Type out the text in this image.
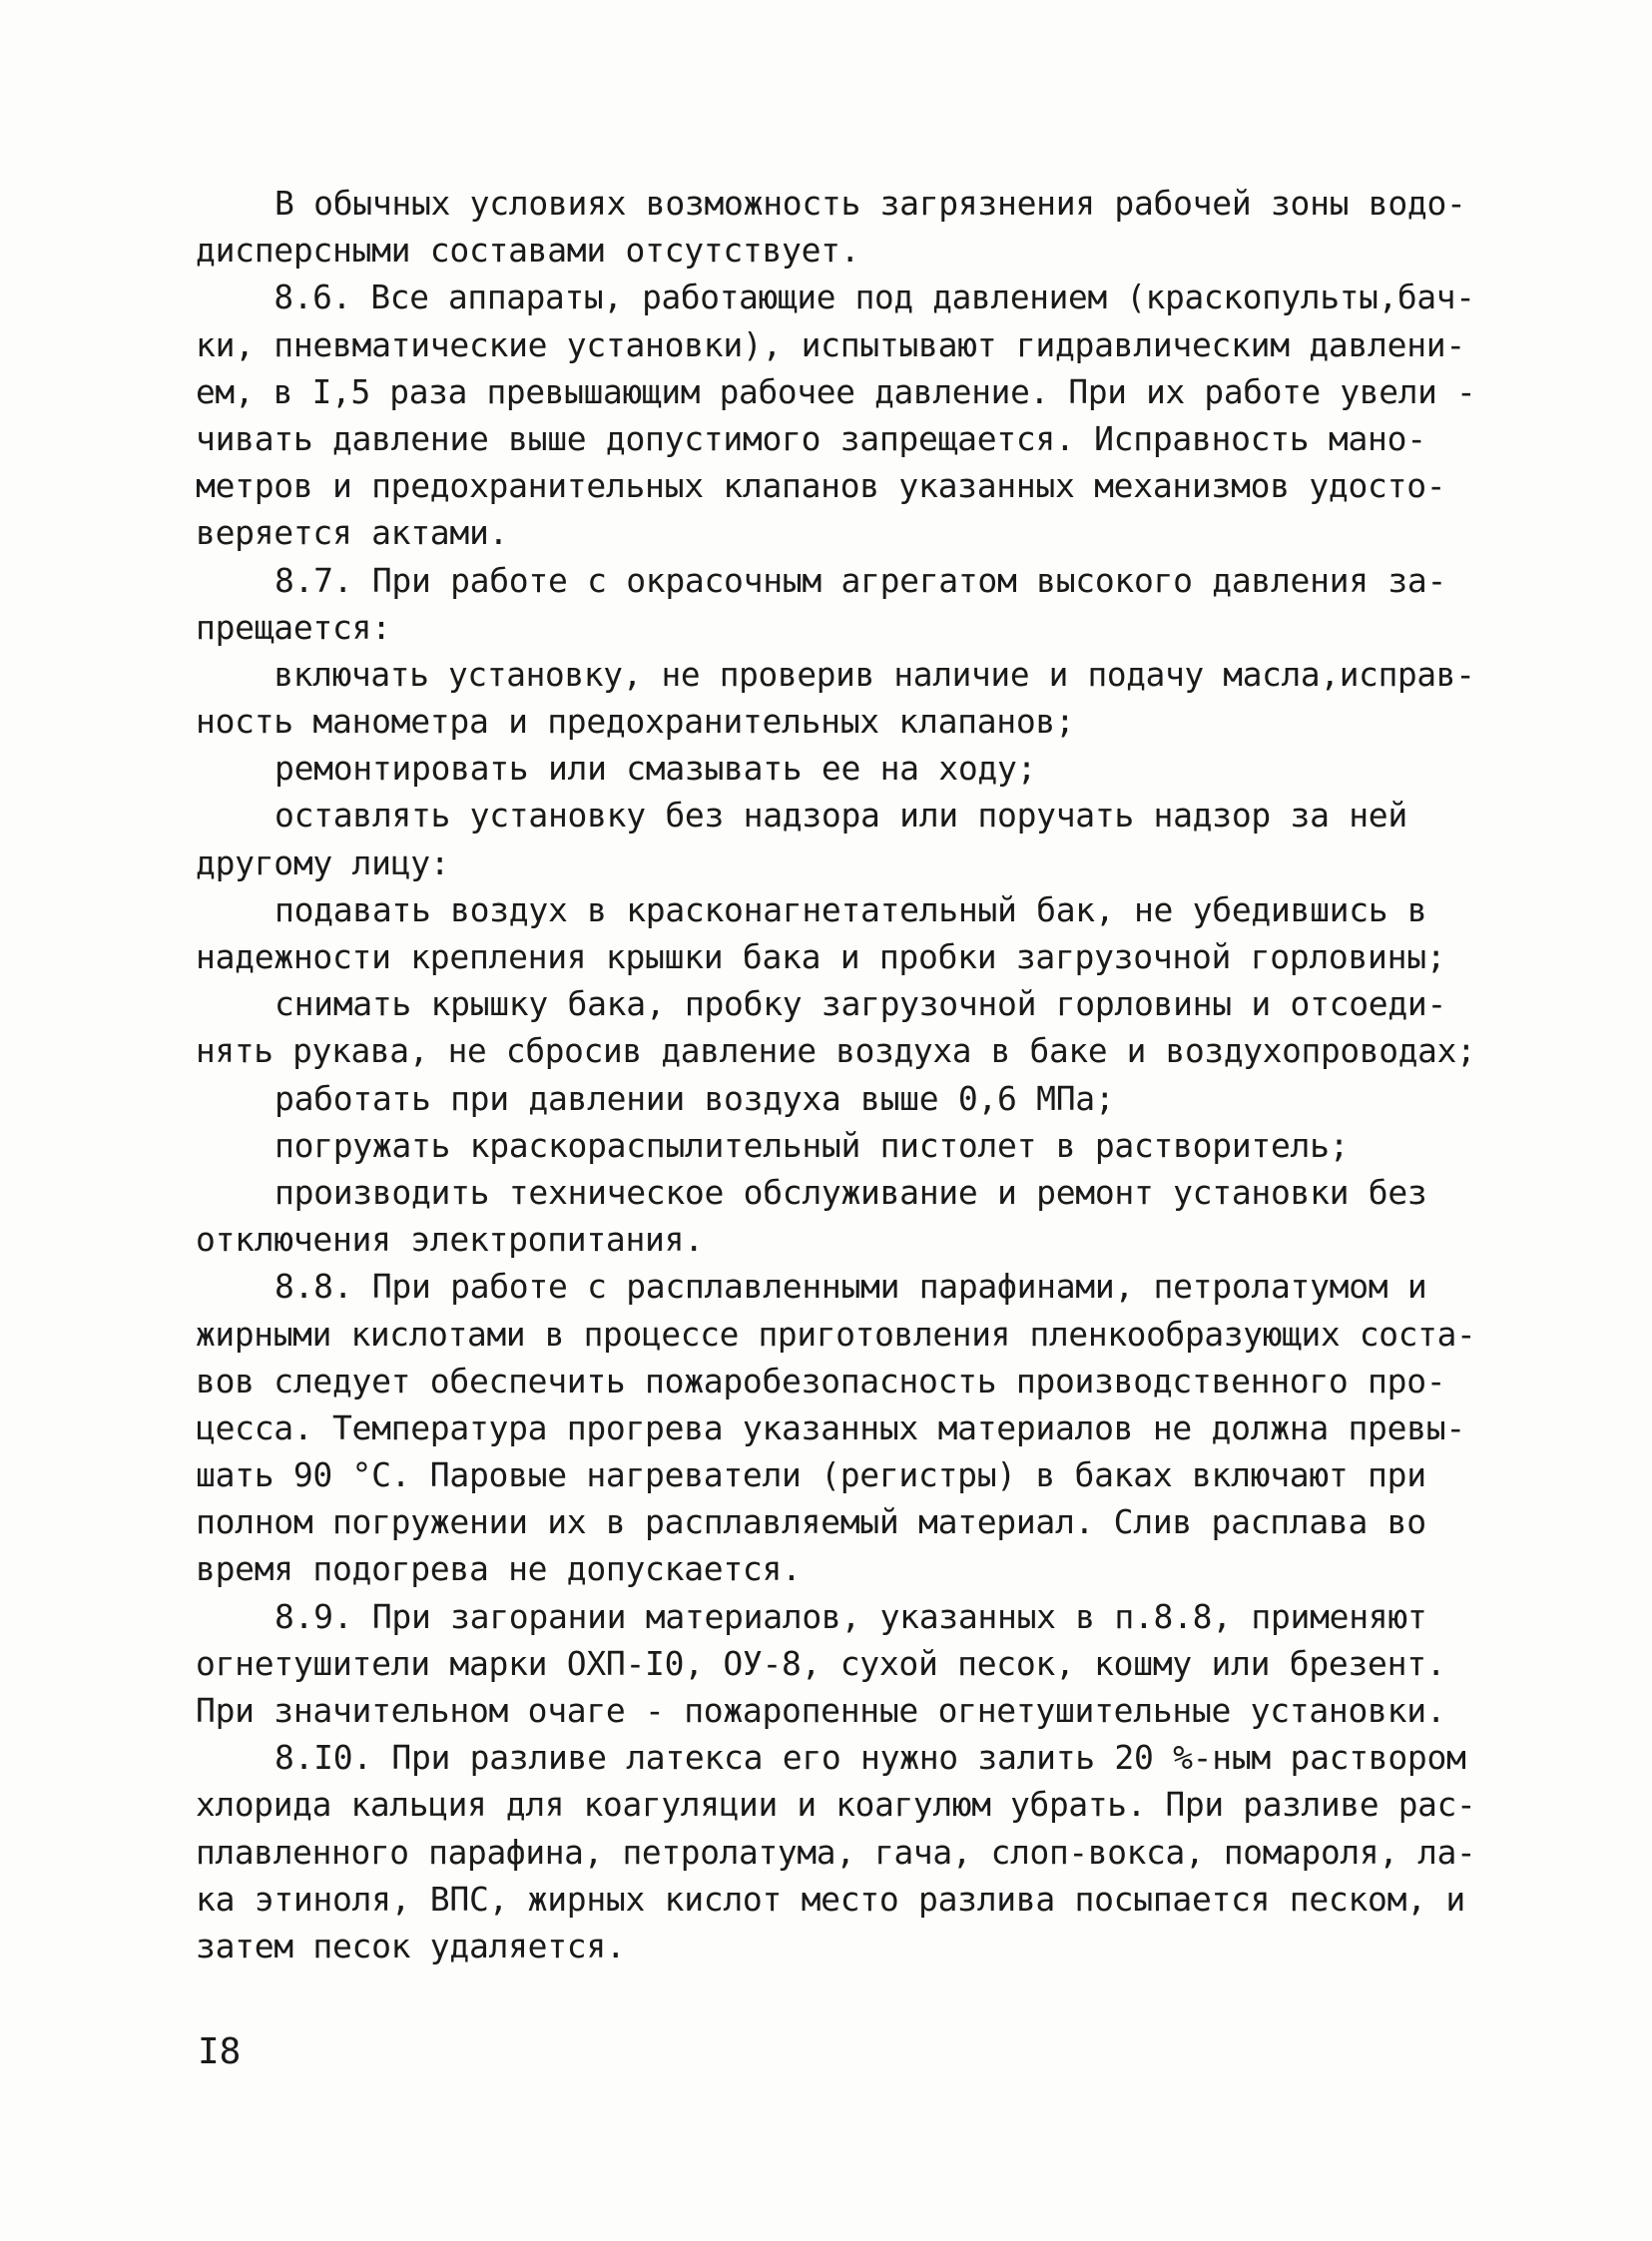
В обычных условиях возможность загрязнения рабочей зоны водо-
дисперсными составами отсутствует.
8.6. Все аппараты, работающие под давлением (краскопульты,бач-
ки, пневматические установки), испытывают гидравлическим давлени-
ем, в I,5 раза превышающим рабочее давление. При их работе увели -
чивать давление выше допустимого запрещается. Исправность мано-
метров и предохранительных клапанов указанных механизмов удосто-
веряется актами.
8.7. При работе с окрасочным агрегатом высокого давления за-
прещается:
включать установку, не проверив наличие и подачу масла,исправ-
ность манометра и предохранительных клапанов;
ремонтировать или смазывать ее на ходу;
оставлять установку без надзора или поручать надзор за ней
другому лицу:
подавать воздух в красконагнетательный бак, не убедившись в
надежности крепления крышки бака и пробки загрузочной горловины;
снимать крышку бака, пробку загрузочной горловины и отсоеди-
нять рукава, не сбросив давление воздуха в баке и воздухопроводах;
работать при давлении воздуха выше 0,6 МПа;
погружать краскораспылительный пистолет в растворитель;
производить техническое обслуживание и ремонт установки без
отключения электропитания.
8.8. При работе с расплавленными парафинами, петролатумом и
жирными кислотами в процессе приготовления пленкообразующих соста-
вов следует обеспечить пожаробезопасность производственного про-
цесса. Температура прогрева указанных материалов не должна превы-
шать 90 °С. Паровые нагреватели (регистры) в баках включают при
полном погружении их в расплавляемый материал. Слив расплава во
время подогрева не допускается.
8.9. При загорании материалов, указанных в п.8.8, применяют
огнетушители марки ОХП-I0, ОУ-8, сухой песок, кошму или брезент.
При значительном очаге - пожаропенные огнетушительные установки.
8.I0. При разливе латекса его нужно залить 20 %-ным раствором
хлорида кальция для коагуляции и коагулюм убрать. При разливе рас-
плавленного парафина, петролатума, гача, слоп-вокса, помароля, ла-
ка этиноля, ВПС, жирных кислот место разлива посыпается песком, и
затем песок удаляется.
I8
